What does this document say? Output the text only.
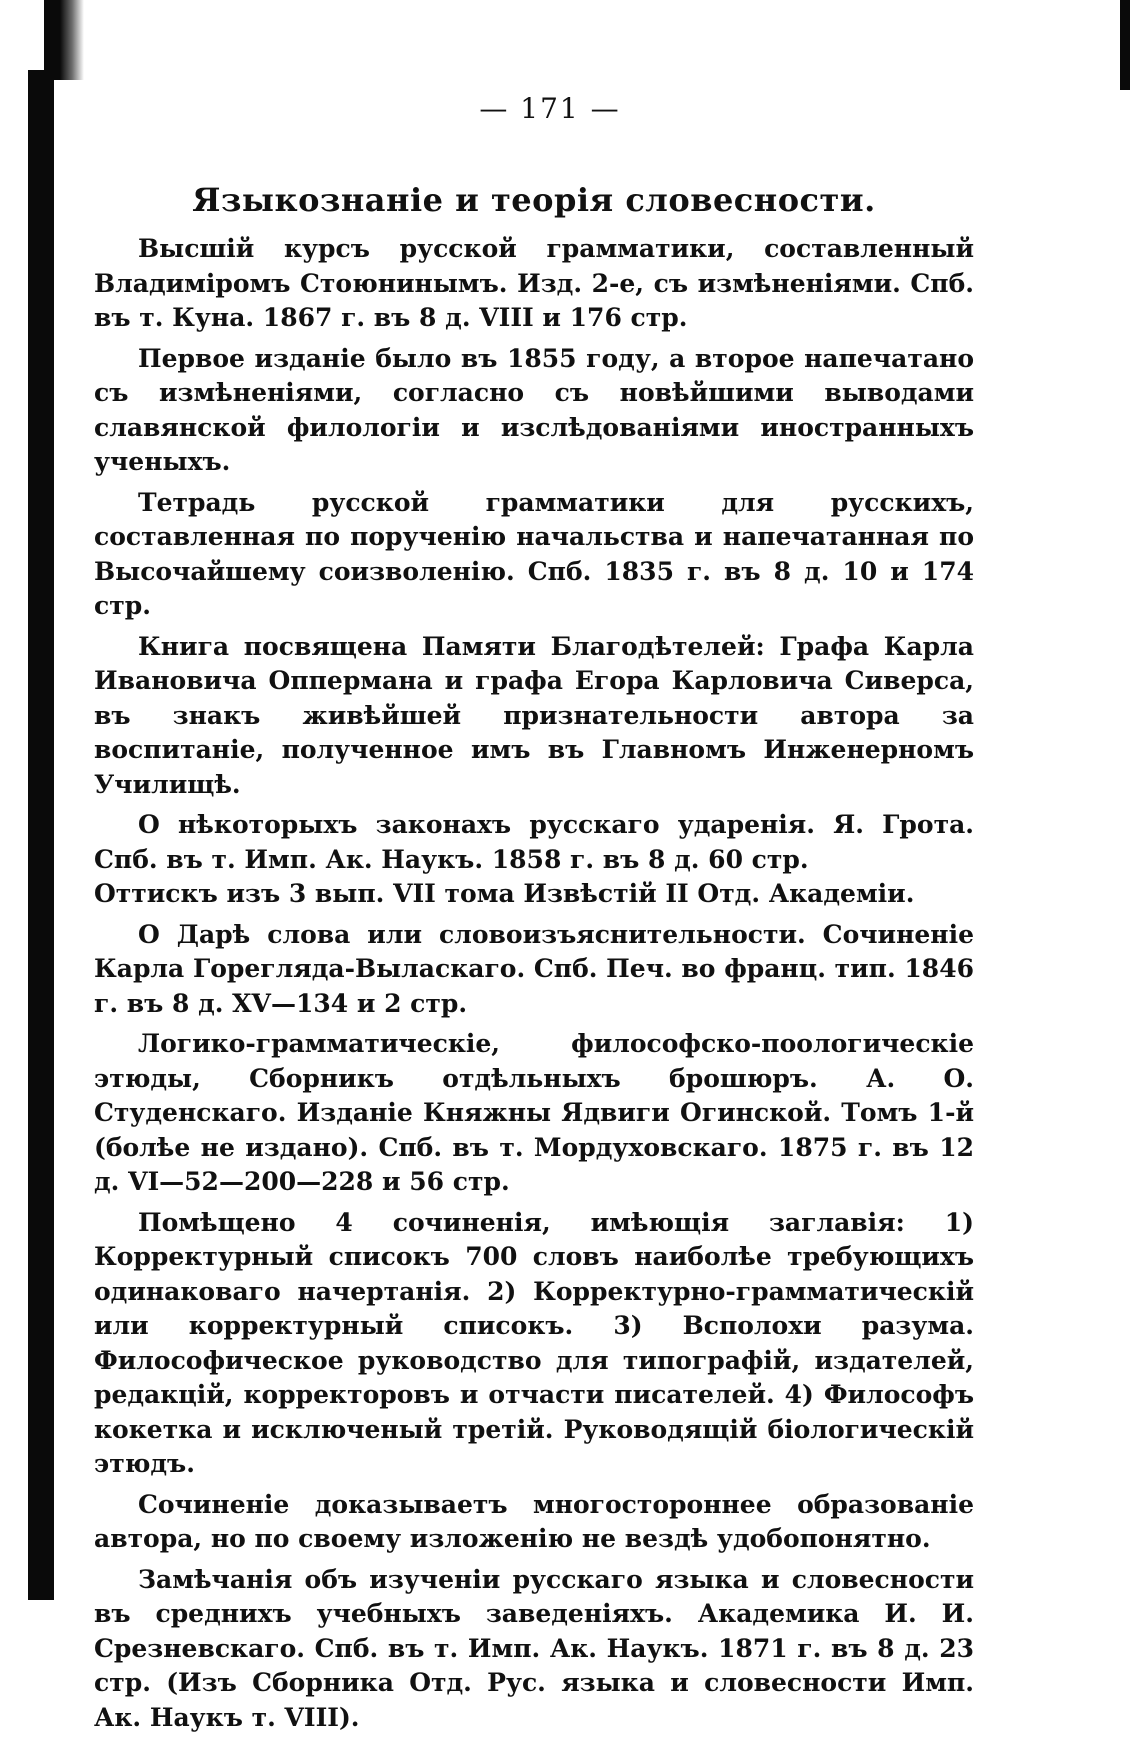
— 171 —
Языкознаніе и теорія словесности.

Высшій курсъ русской грамматики, составленный Владиміромъ Стоюнинымъ. Изд. 2-е, съ измѣненіями. Спб. въ т. Куна. 1867 г. въ 8 д. VIII и 176 стр.

Первое изданіе было въ 1855 году, а второе напечатано съ измѣненіями, согласно съ новѣйшими выводами славянской филологіи и изслѣдованіями иностранныхъ ученыхъ.

Тетрадь русской грамматики для русскихъ, составленная по порученію начальства и напечатанная по Высочайшему соизволенію. Спб. 1835 г. въ 8 д. 10 и 174 стр.

Книга посвящена Памяти Благодѣтелей: Графа Карла Ивановича Оппермана и графа Егора Карловича Сиверса, въ знакъ живѣйшей признательности автора за воспитаніе, полученное имъ въ Главномъ Инженерномъ Училищѣ.

О нѣкоторыхъ законахъ русскаго ударенія. Я. Грота. Спб. въ т. Имп. Ак. Наукъ. 1858 г. въ 8 д. 60 стр.

Оттискъ изъ 3 вып. VII тома Извѣстій II Отд. Академіи.

О Дарѣ слова или словоизъяснительности. Сочиненіе Карла Горегляда-Выласкаго. Спб. Печ. во франц. тип. 1846 г. въ 8 д. XV—134 и 2 стр.

Логико-грамматическіе, философско-поологическіе этюды, Сборникъ отдѣльныхъ брошюръ. А. О. Студенскаго. Изданіе Княжны Ядвиги Огинской. Томъ 1-й (болѣе не издано). Спб. въ т. Мордуховскаго. 1875 г. въ 12 д. VI—52—200—228 и 56 стр.

Помѣщено 4 сочиненія, имѣющія заглавія: 1) Корректурный списокъ 700 словъ наиболѣе требующихъ одинаковаго начертанія. 2) Корректурно-грамматическій или корректурный списокъ. 3) Всполохи разума. Философическое руководство для типографій, издателей, редакцій, корректоровъ и отчасти писателей. 4) Философъ кокетка и исключеный третій. Руководящій біологическій этюдъ.

Сочиненіе доказываетъ многостороннее образованіе автора, но по своему изложенію не вездѣ удобопонятно.

Замѣчанія объ изученіи русскаго языка и словесности въ среднихъ учебныхъ заведеніяхъ. Академика И. И. Срезневскаго. Спб. въ т. Имп. Ак. Наукъ. 1871 г. въ 8 д. 23 стр. (Изъ Сборника Отд. Рус. языка и словесности Имп. Ак. Наукъ т. VIII).
